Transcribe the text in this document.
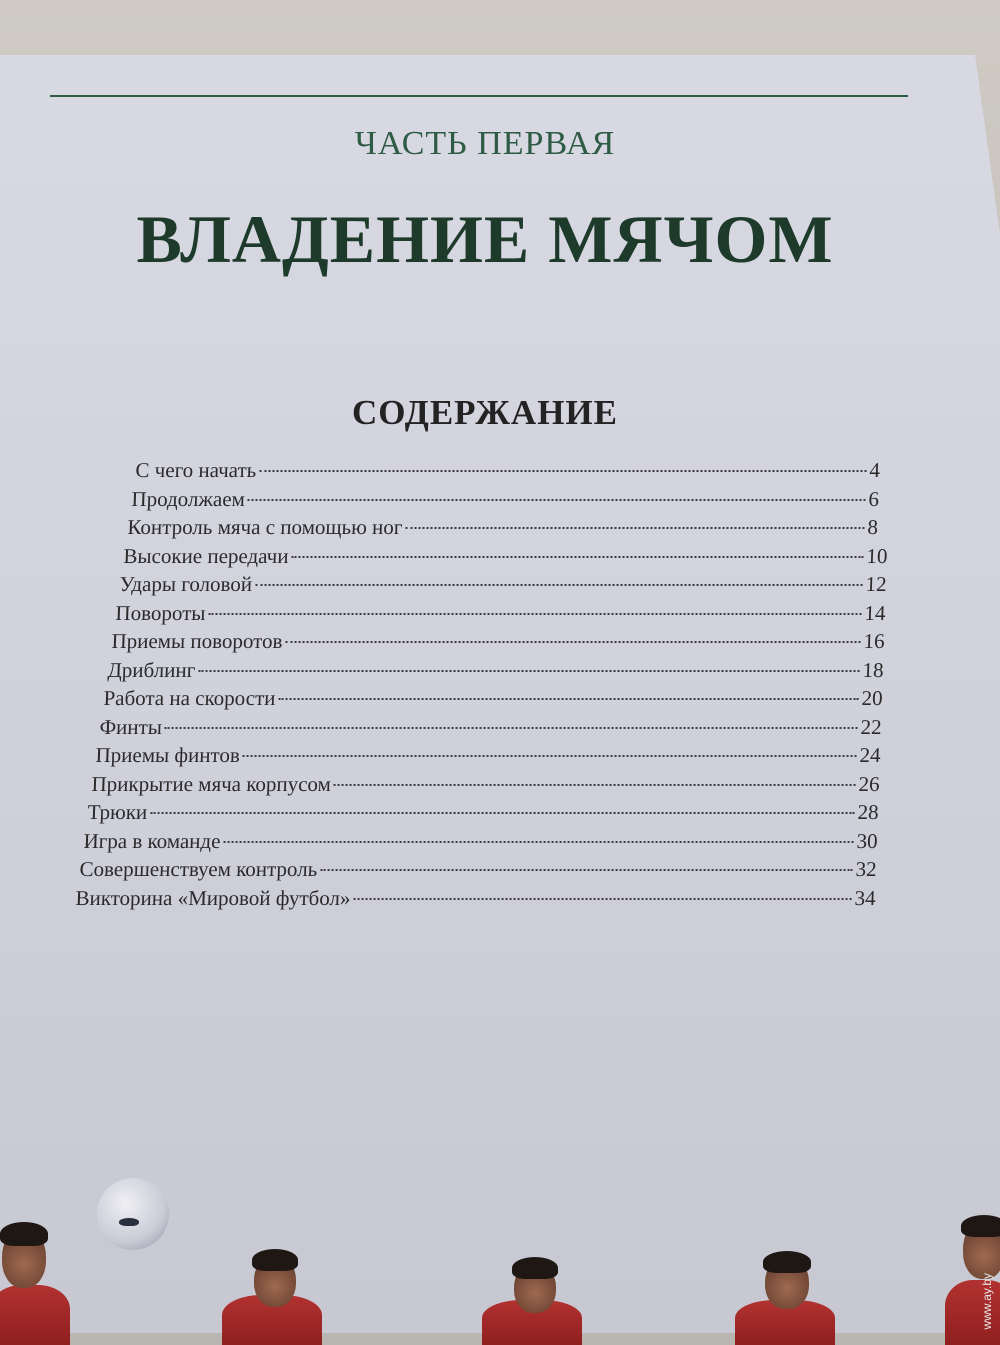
ЧАСТЬ ПЕРВАЯ
ВЛАДЕНИЕ МЯЧОМ
СОДЕРЖАНИЕ
С чего начать	4
Продолжаем	6
Контроль мяча с помощью ног	8
Высокие передачи	10
Удары головой	12
Повороты	14
Приемы поворотов	16
Дриблинг	18
Работа на скорости	20
Финты	22
Приемы финтов	24
Прикрытие мяча корпусом	26
Трюки	28
Игра в команде	30
Совершенствуем контроль	32
Викторина «Мировой футбол»	34
www.ay.by
